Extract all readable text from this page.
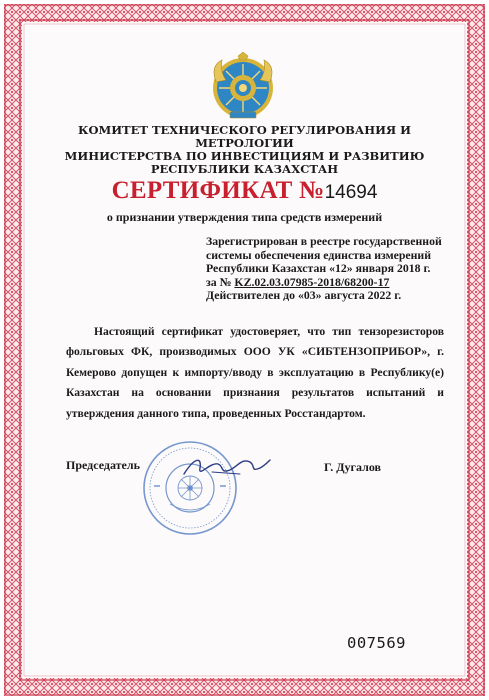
КОМИТЕТ ТЕХНИЧЕСКОГО РЕГУЛИРОВАНИЯ И МЕТРОЛОГИИ
МИНИСТЕРСТВА ПО ИНВЕСТИЦИЯМ И РАЗВИТИЮ
РЕСПУБЛИКИ КАЗАХСТАН
СЕРТИФИКАТ №14694
о признании утверждения типа средств измерений
Зарегистрирован в реестре государственной
системы обеспечения единства измерений
Республики Казахстан «12» января 2018 г.
за № KZ.02.03.07985-2018/68200-17
Действителен до «03» августа 2022 г.
Настоящий сертификат удостоверяет, что тип тензорезисторов фольговых ФК, производимых ООО УК «СИБТЕНЗОПРИБОР», г. Кемерово допущен к импорту/вводу в эксплуатацию в Республику(е) Казахстан на основании признания результатов испытаний и утверждения данного типа, проведенных Росстандартом.
Председатель	Г. Дугалов
007569
